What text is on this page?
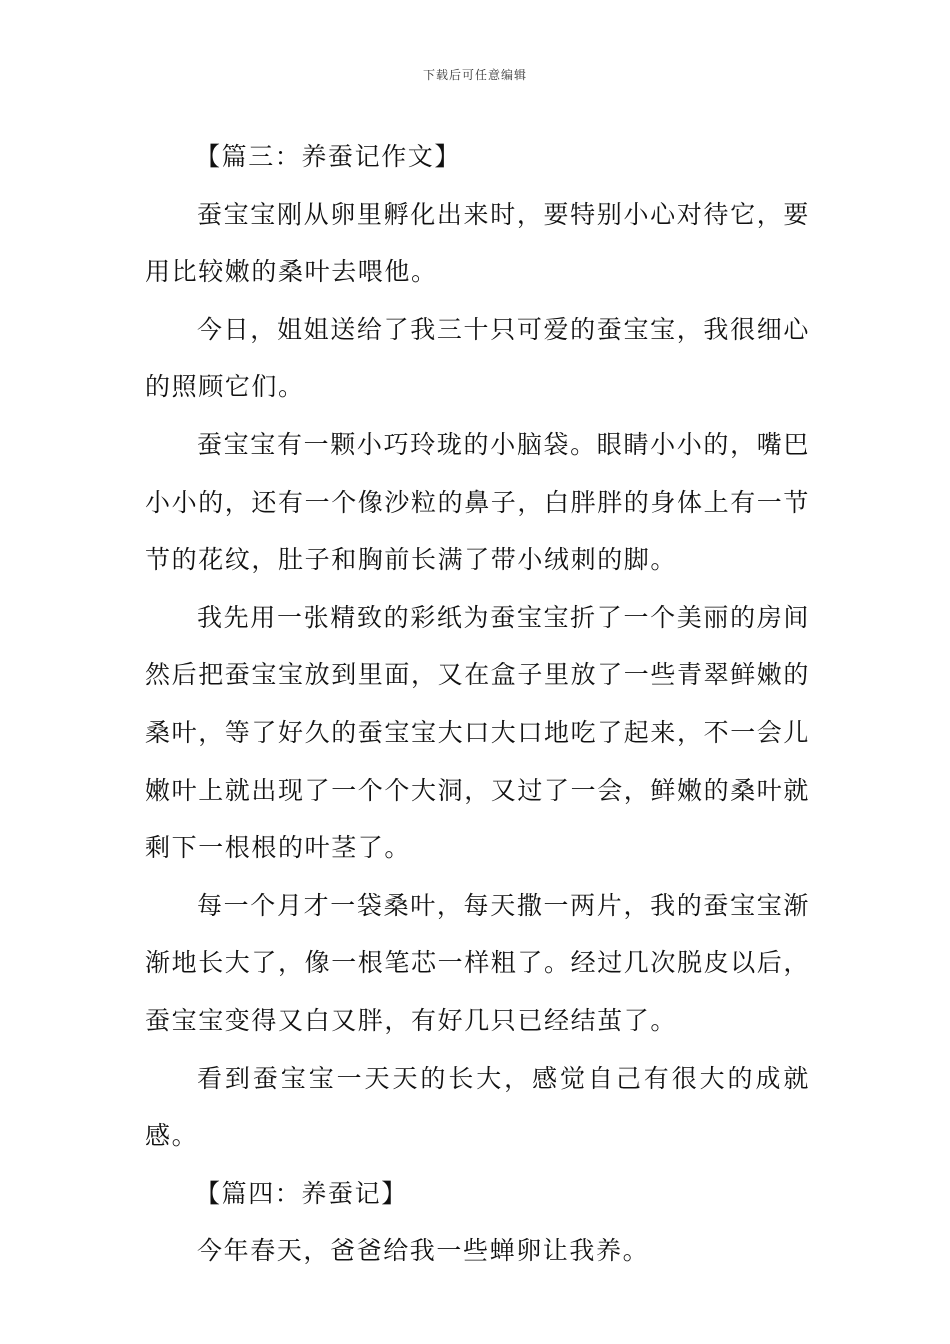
下载后可任意编辑

【篇三：养蚕记作文】

蚕宝宝刚从卵里孵化出来时，要特别小心对待它，要用比较嫩的桑叶去喂他。

今日，姐姐送给了我三十只可爱的蚕宝宝，我很细心的照顾它们。

蚕宝宝有一颗小巧玲珑的小脑袋。眼睛小小的，嘴巴小小的，还有一个像沙粒的鼻子，白胖胖的身体上有一节节的花纹，肚子和胸前长满了带小绒刺的脚。

我先用一张精致的彩纸为蚕宝宝折了一个美丽的房间然后把蚕宝宝放到里面，又在盒子里放了一些青翠鲜嫩的桑叶，等了好久的蚕宝宝大口大口地吃了起来，不一会儿嫩叶上就出现了一个个大洞，又过了一会，鲜嫩的桑叶就剩下一根根的叶茎了。

每一个月才一袋桑叶，每天撒一两片，我的蚕宝宝渐渐地长大了，像一根笔芯一样粗了。经过几次脱皮以后，蚕宝宝变得又白又胖，有好几只已经结茧了。

看到蚕宝宝一天天的长大，感觉自己有很大的成就感。

【篇四：养蚕记】

今年春天，爸爸给我一些蝉卵让我养。
